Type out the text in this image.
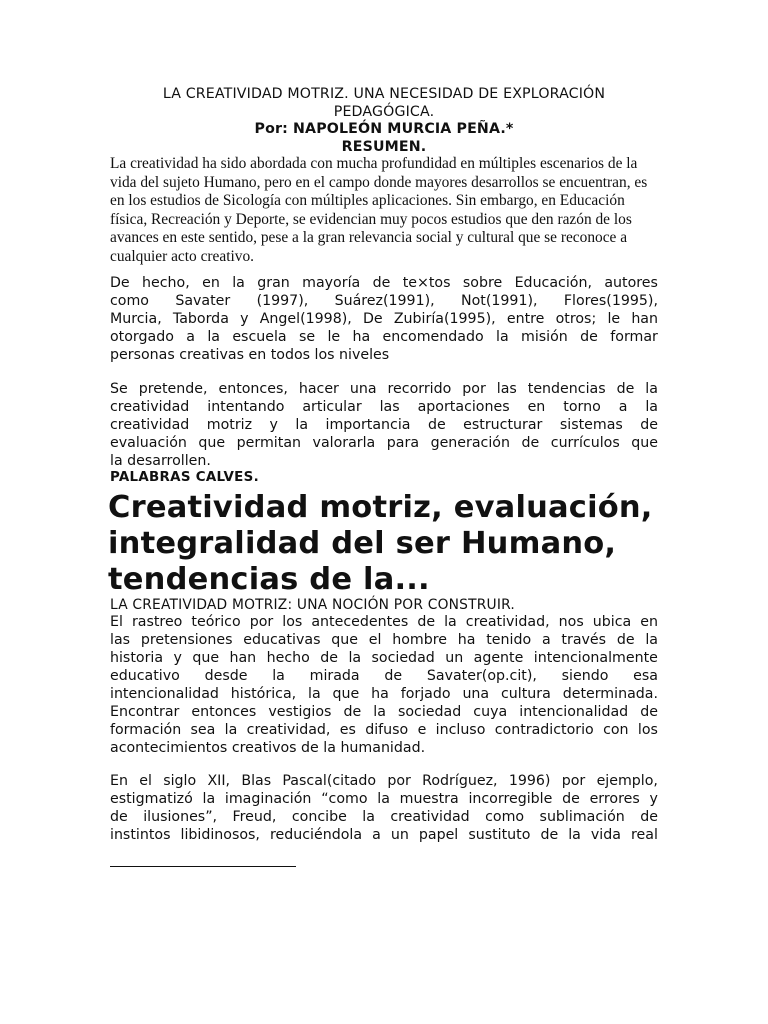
LA CREATIVIDAD MOTRIZ. UNA NECESIDAD DE EXPLORACIÓN
PEDAGÓGICA.
Por: NAPOLEÓN MURCIA PEÑA.*
RESUMEN.
La creatividad ha sido abordada con mucha profundidad en múltiples escenarios de la
vida del sujeto Humano, pero en el campo donde mayores desarrollos se encuentran, es
en los estudios de Sicología con múltiples aplicaciones. Sin embargo, en Educación
física, Recreación y Deporte, se evidencian muy pocos estudios que den razón de los
avances en este sentido, pese a la gran relevancia social y cultural que se reconoce a
cualquier acto creativo.
De hecho, en la gran mayoría de te×tos sobre Educación, autores
como Savater (1997), Suárez(1991), Not(1991), Flores(1995),
Murcia, Taborda y Angel(1998), De Zubiría(1995), entre otros; le han
otorgado a la escuela se le ha encomendado la misión de formar
personas creativas en todos los niveles
Se pretende, entonces, hacer una recorrido por las tendencias de la
creatividad intentando articular las aportaciones en torno a la
creatividad motriz y la importancia de estructurar sistemas de
evaluación que permitan valorarla para generación de currículos que
la desarrollen.
PALABRAS CALVES.
Creatividad motriz, evaluación,
integralidad del ser Humano,
tendencias de la...
LA CREATIVIDAD MOTRIZ: UNA NOCIÓN POR CONSTRUIR.
El rastreo teórico por los antecedentes de la creatividad, nos ubica en
las pretensiones educativas que el hombre ha tenido a través de la
historia y que han hecho de la sociedad un agente intencionalmente
educativo desde la mirada de Savater(op.cit), siendo esa
intencionalidad histórica, la que ha forjado una cultura determinada.
Encontrar entonces vestigios de la sociedad cuya intencionalidad de
formación sea la creatividad, es difuso e incluso contradictorio con los
acontecimientos creativos de la humanidad.
En el siglo XII, Blas Pascal(citado por Rodríguez, 1996) por ejemplo,
estigmatizó la imaginación “como la muestra incorregible de errores y
de ilusiones”, Freud, concibe la creatividad como sublimación de
instintos libidinosos, reduciéndola a un papel sustituto de la vida real
